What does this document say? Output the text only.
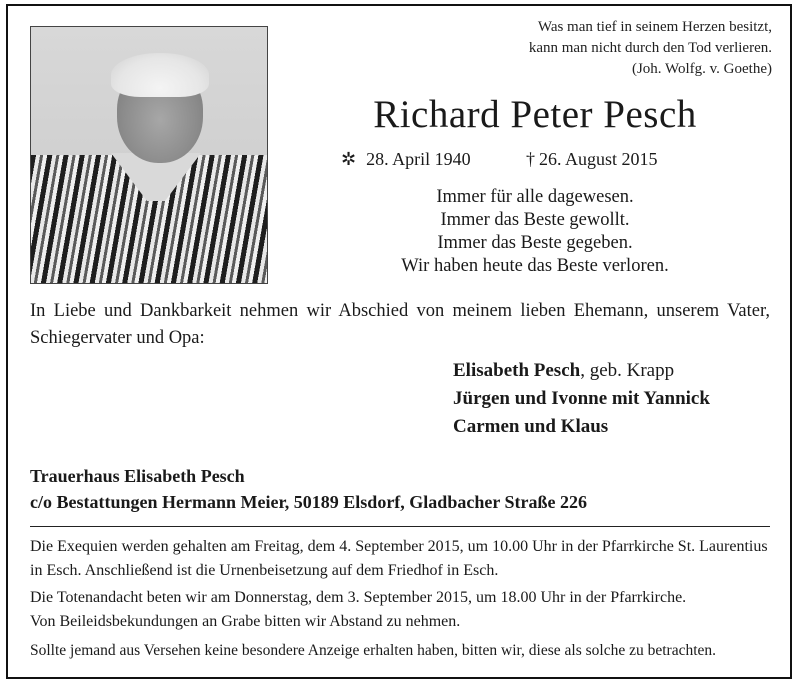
Was man tief in seinem Herzen besitzt,
kann man nicht durch den Tod verlieren.
(Joh. Wolfg. v. Goethe)
Richard Peter Pesch
✲ 28. April 1940	† 26. August 2015
Immer für alle dagewesen.
Immer das Beste gewollt.
Immer das Beste gegeben.
Wir haben heute das Beste verloren.
In Liebe und Dankbarkeit nehmen wir Abschied von meinem lieben Ehemann, unserem Vater, Schiegervater und Opa:
Elisabeth Pesch, geb. Krapp
Jürgen und Ivonne mit Yannick
Carmen und Klaus
Trauerhaus Elisabeth Pesch
c/o Bestattungen Hermann Meier, 50189 Elsdorf, Gladbacher Straße 226

Die Exequien werden gehalten am Freitag, dem 4. September 2015, um 10.00 Uhr in der Pfarrkirche St. Laurentius in Esch. Anschließend ist die Urnenbeisetzung auf dem Friedhof in Esch.

Die Totenandacht beten wir am Donnerstag, dem 3. September 2015, um 18.00 Uhr in der Pfarrkirche.

Von Beileidsbekundungen an Grabe bitten wir Abstand zu nehmen.

Sollte jemand aus Versehen keine besondere Anzeige erhalten haben, bitten wir, diese als solche zu betrachten.
